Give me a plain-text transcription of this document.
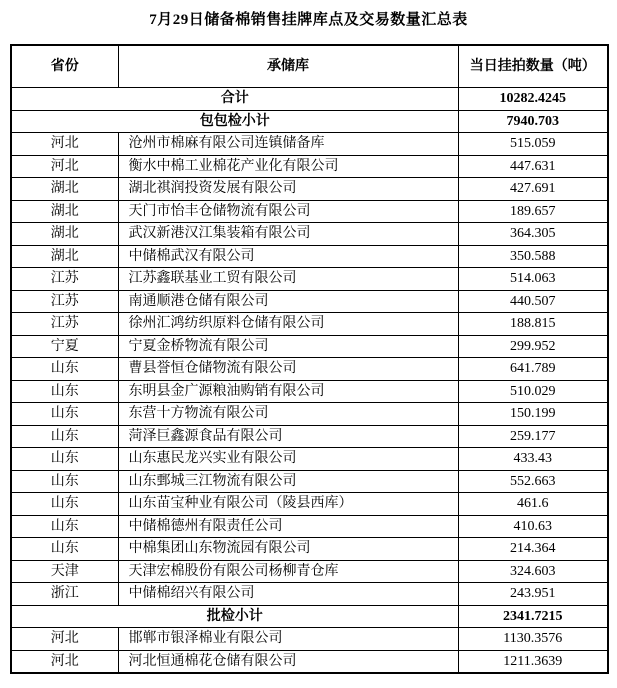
7月29日储备棉销售挂牌库点及交易数量汇总表
省份	承储库	当日挂拍数量（吨）
合计		10282.4245
包包检小计		7940.703
河北	沧州市棉麻有限公司连镇储备库	515.059
河北	衡水中棉工业棉花产业化有限公司	447.631
湖北	湖北祺润投资发展有限公司	427.691
湖北	天门市怡丰仓储物流有限公司	189.657
湖北	武汉新港汉江集装箱有限公司	364.305
湖北	中储棉武汉有限公司	350.588
江苏	江苏鑫联基业工贸有限公司	514.063
江苏	南通顺港仓储有限公司	440.507
江苏	徐州汇鸿纺织原料仓储有限公司	188.815
宁夏	宁夏金桥物流有限公司	299.952
山东	曹县誉恒仓储物流有限公司	641.789
山东	东明县金广源粮油购销有限公司	510.029
山东	东营十方物流有限公司	150.199
山东	菏泽巨鑫源食品有限公司	259.177
山东	山东惠民龙兴实业有限公司	433.43
山东	山东鄄城三江物流有限公司	552.663
山东	山东苗宝种业有限公司（陵县西库）	461.6
山东	中储棉德州有限责任公司	410.63
山东	中棉集团山东物流园有限公司	214.364
天津	天津宏棉股份有限公司杨柳青仓库	324.603
浙江	中储棉绍兴有限公司	243.951
批检小计		2341.7215
河北	邯郸市银泽棉业有限公司	1130.3576
河北	河北恒通棉花仓储有限公司	1211.3639
